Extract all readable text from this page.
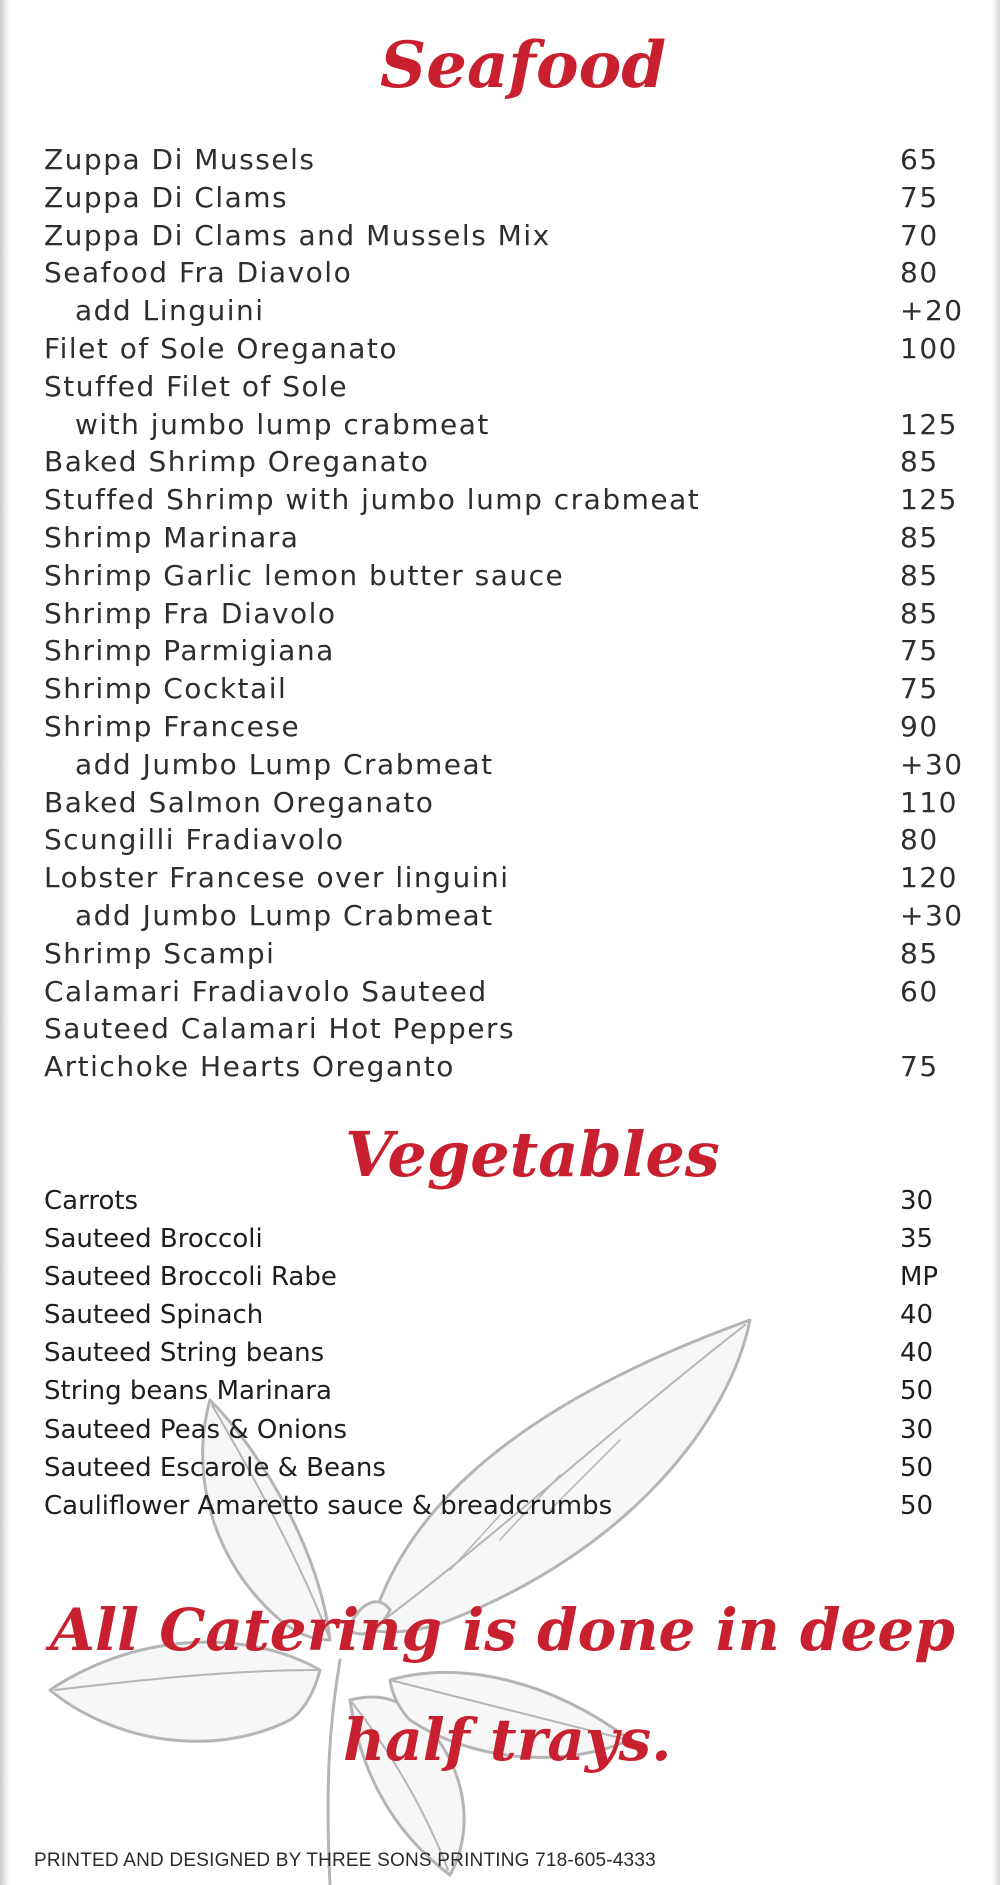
Seafood
Zuppa Di Mussels	65
Zuppa Di Clams	75
Zuppa Di Clams and Mussels Mix	70
Seafood Fra Diavolo	80
add Linguini	+20
Filet of Sole Oreganato	100
Stuffed Filet of Sole
with jumbo lump crabmeat	125
Baked Shrimp Oreganato	85
Stuffed Shrimp with jumbo lump crabmeat	125
Shrimp Marinara	85
Shrimp Garlic lemon butter sauce	85
Shrimp Fra Diavolo	85
Shrimp Parmigiana	75
Shrimp Cocktail	75
Shrimp Francese	90
add Jumbo Lump Crabmeat	+30
Baked Salmon Oreganato	110
Scungilli Fradiavolo	80
Lobster Francese over linguini	120
add Jumbo Lump Crabmeat	+30
Shrimp Scampi	85
Calamari Fradiavolo Sauteed	60
Sauteed Calamari Hot Peppers
Artichoke Hearts Oreganto	75
Vegetables
Carrots	30
Sauteed Broccoli	35
Sauteed Broccoli Rabe	MP
Sauteed Spinach	40
Sauteed String beans	40
String beans Marinara	50
Sauteed Peas & Onions	30
Sauteed Escarole & Beans	50
Cauliflower Amaretto sauce & breadcrumbs	50
All Catering is done in deep
half trays.
PRINTED AND DESIGNED BY THREE SONS PRINTING 718-605-4333
